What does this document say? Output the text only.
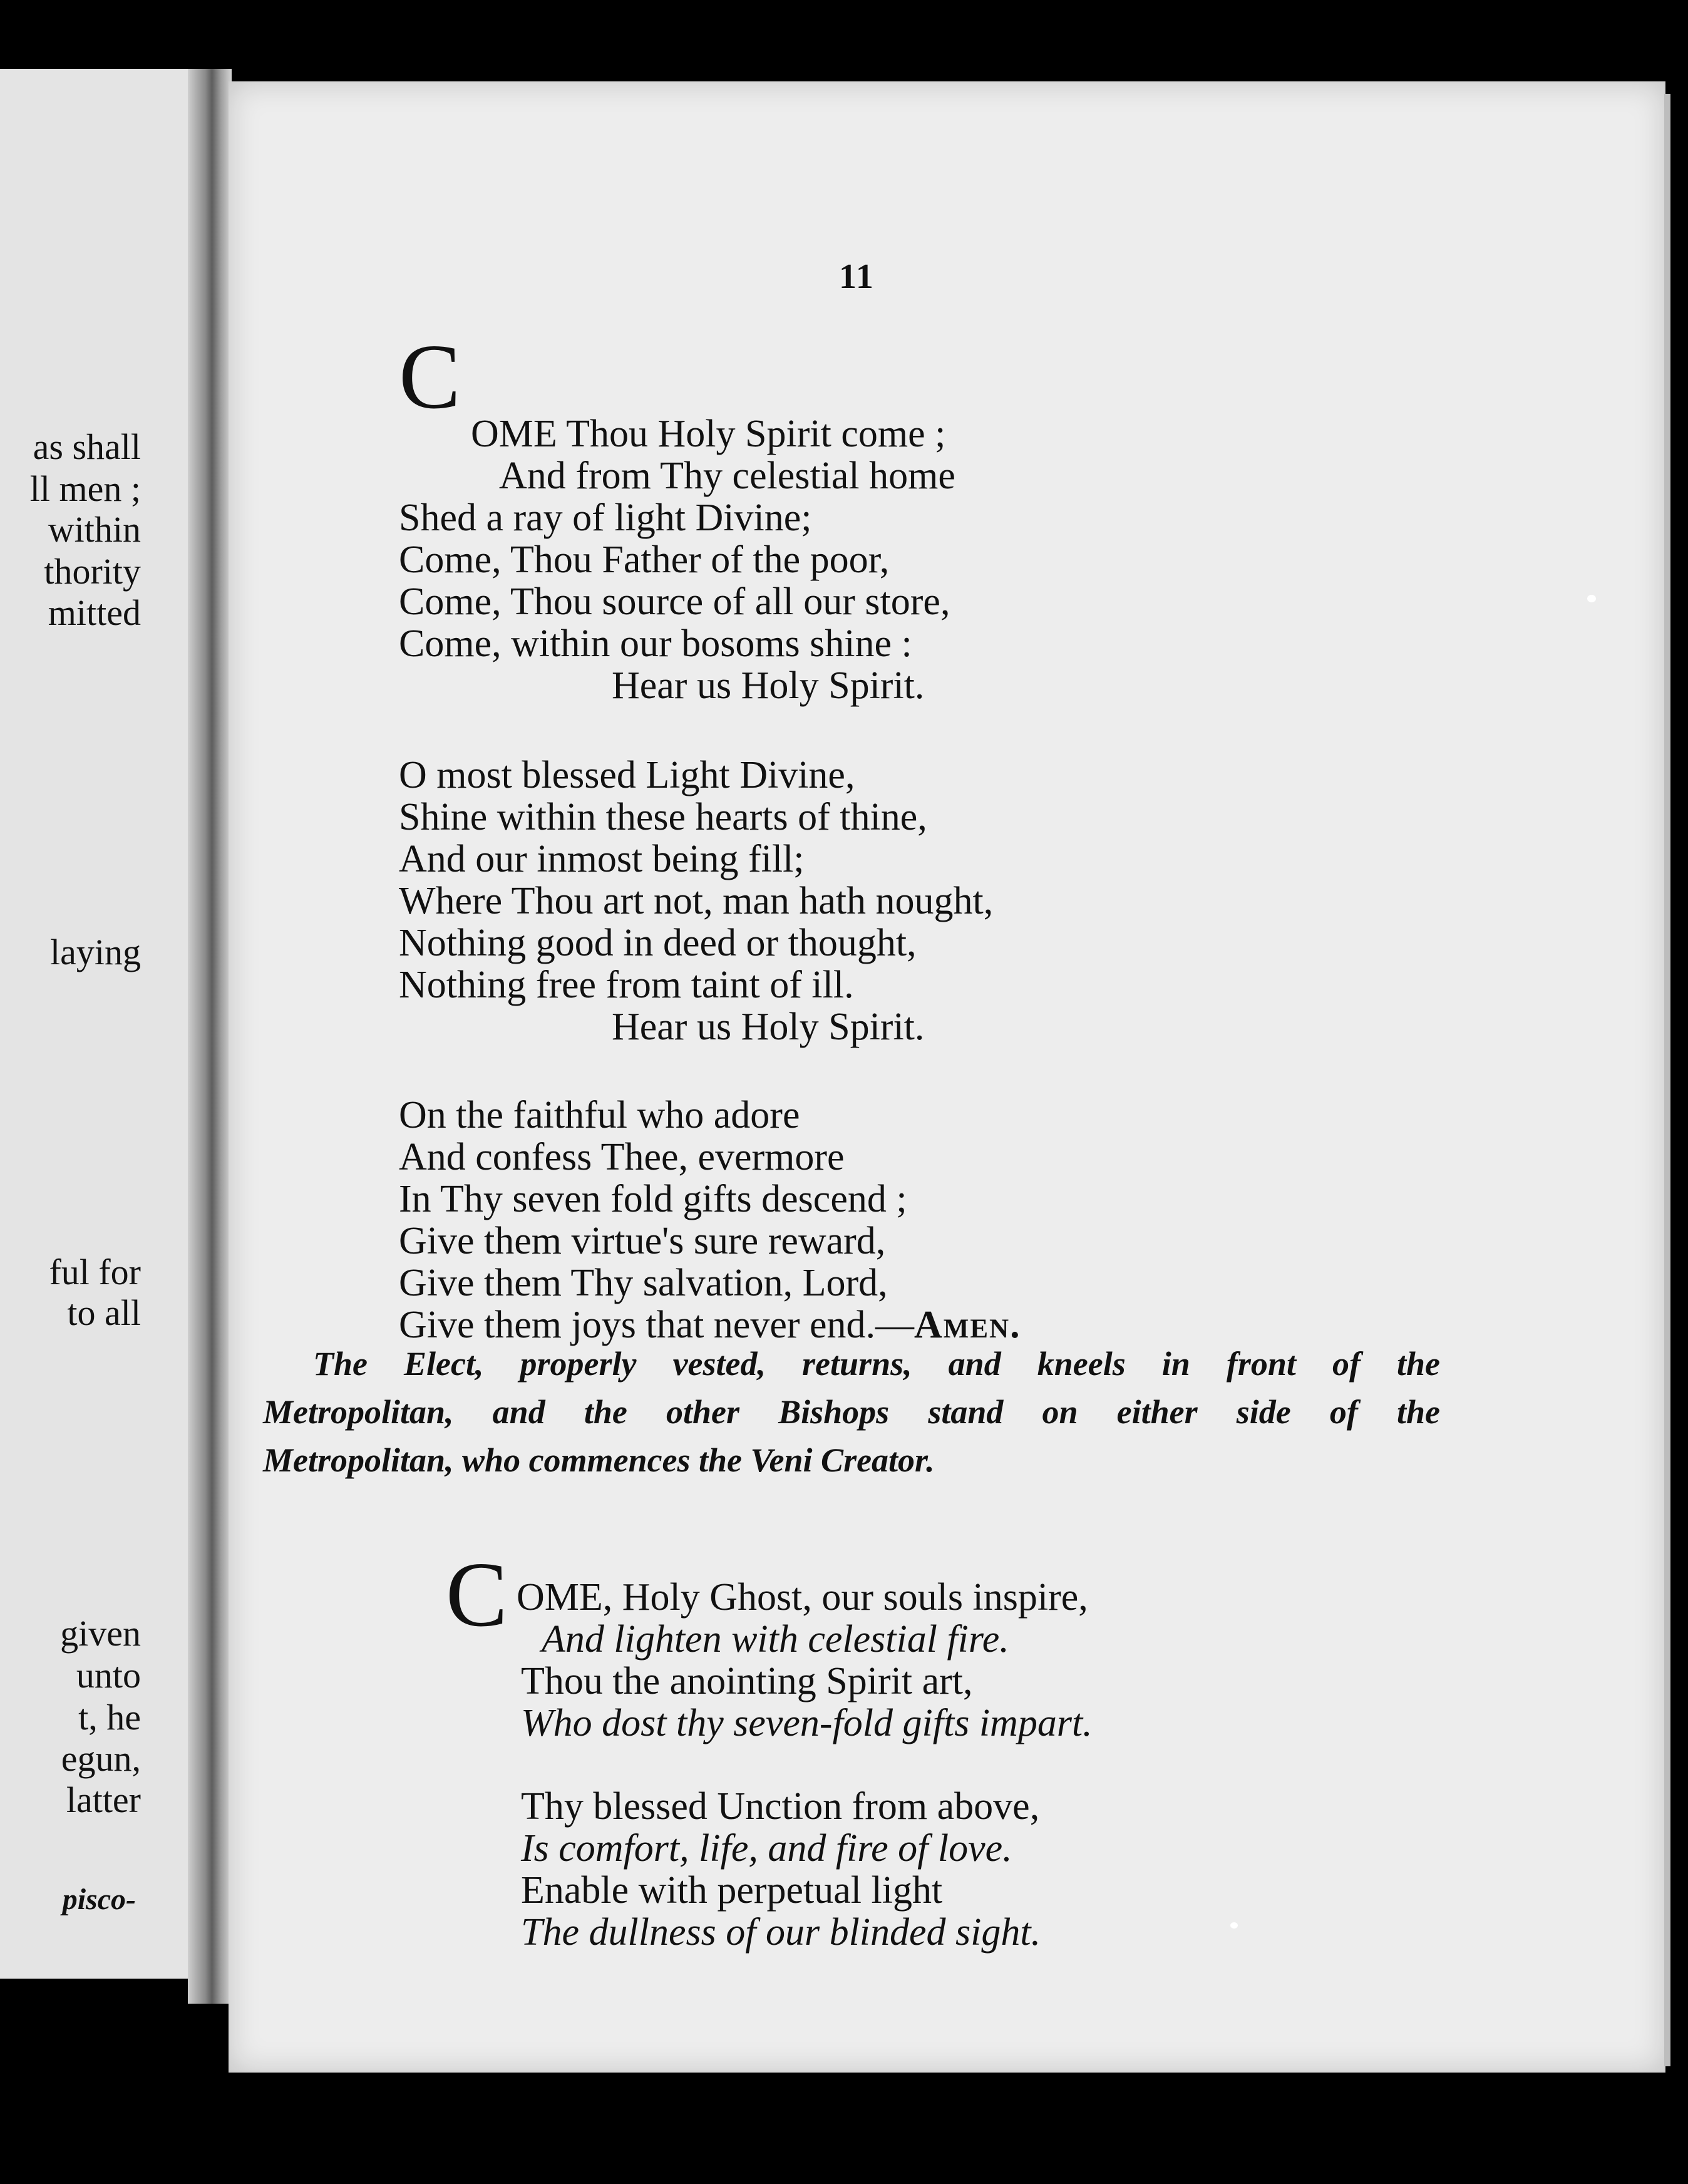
as shall

ll men ;

within

thority

mitted

laying

ful for

to all

given

unto

t, he

egun,

latter

pisco-

11

C

OME Thou Holy Spirit come ;
And from Thy celestial home
Shed a ray of light Divine;
Come, Thou Father of the poor,
Come, Thou source of all our store,
Come, within our bosoms shine :
Hear us Holy Spirit.
O most blessed Light Divine,
Shine within these hearts of thine,
And our inmost being fill;
Where Thou art not, man hath nought,
Nothing good in deed or thought,
Nothing free from taint of ill.
Hear us Holy Spirit.
On the faithful who adore
And confess Thee, evermore
In Thy seven fold gifts descend ;
Give them virtue's sure reward,
Give them Thy salvation, Lord,
Give them joys that never end.—Amen.

The Elect, properly vested, returns, and kneels in front of the
Metropolitan, and the other Bishops stand on either side of the
Metropolitan, who commences the Veni Creator.

C OME, Holy Ghost, our souls inspire,
And lighten with celestial fire.
Thou the anointing Spirit art,
Who dost thy seven-fold gifts impart.
Thy blessed Unction from above,
Is comfort, life, and fire of love.
Enable with perpetual light
The dullness of our blinded sight.
